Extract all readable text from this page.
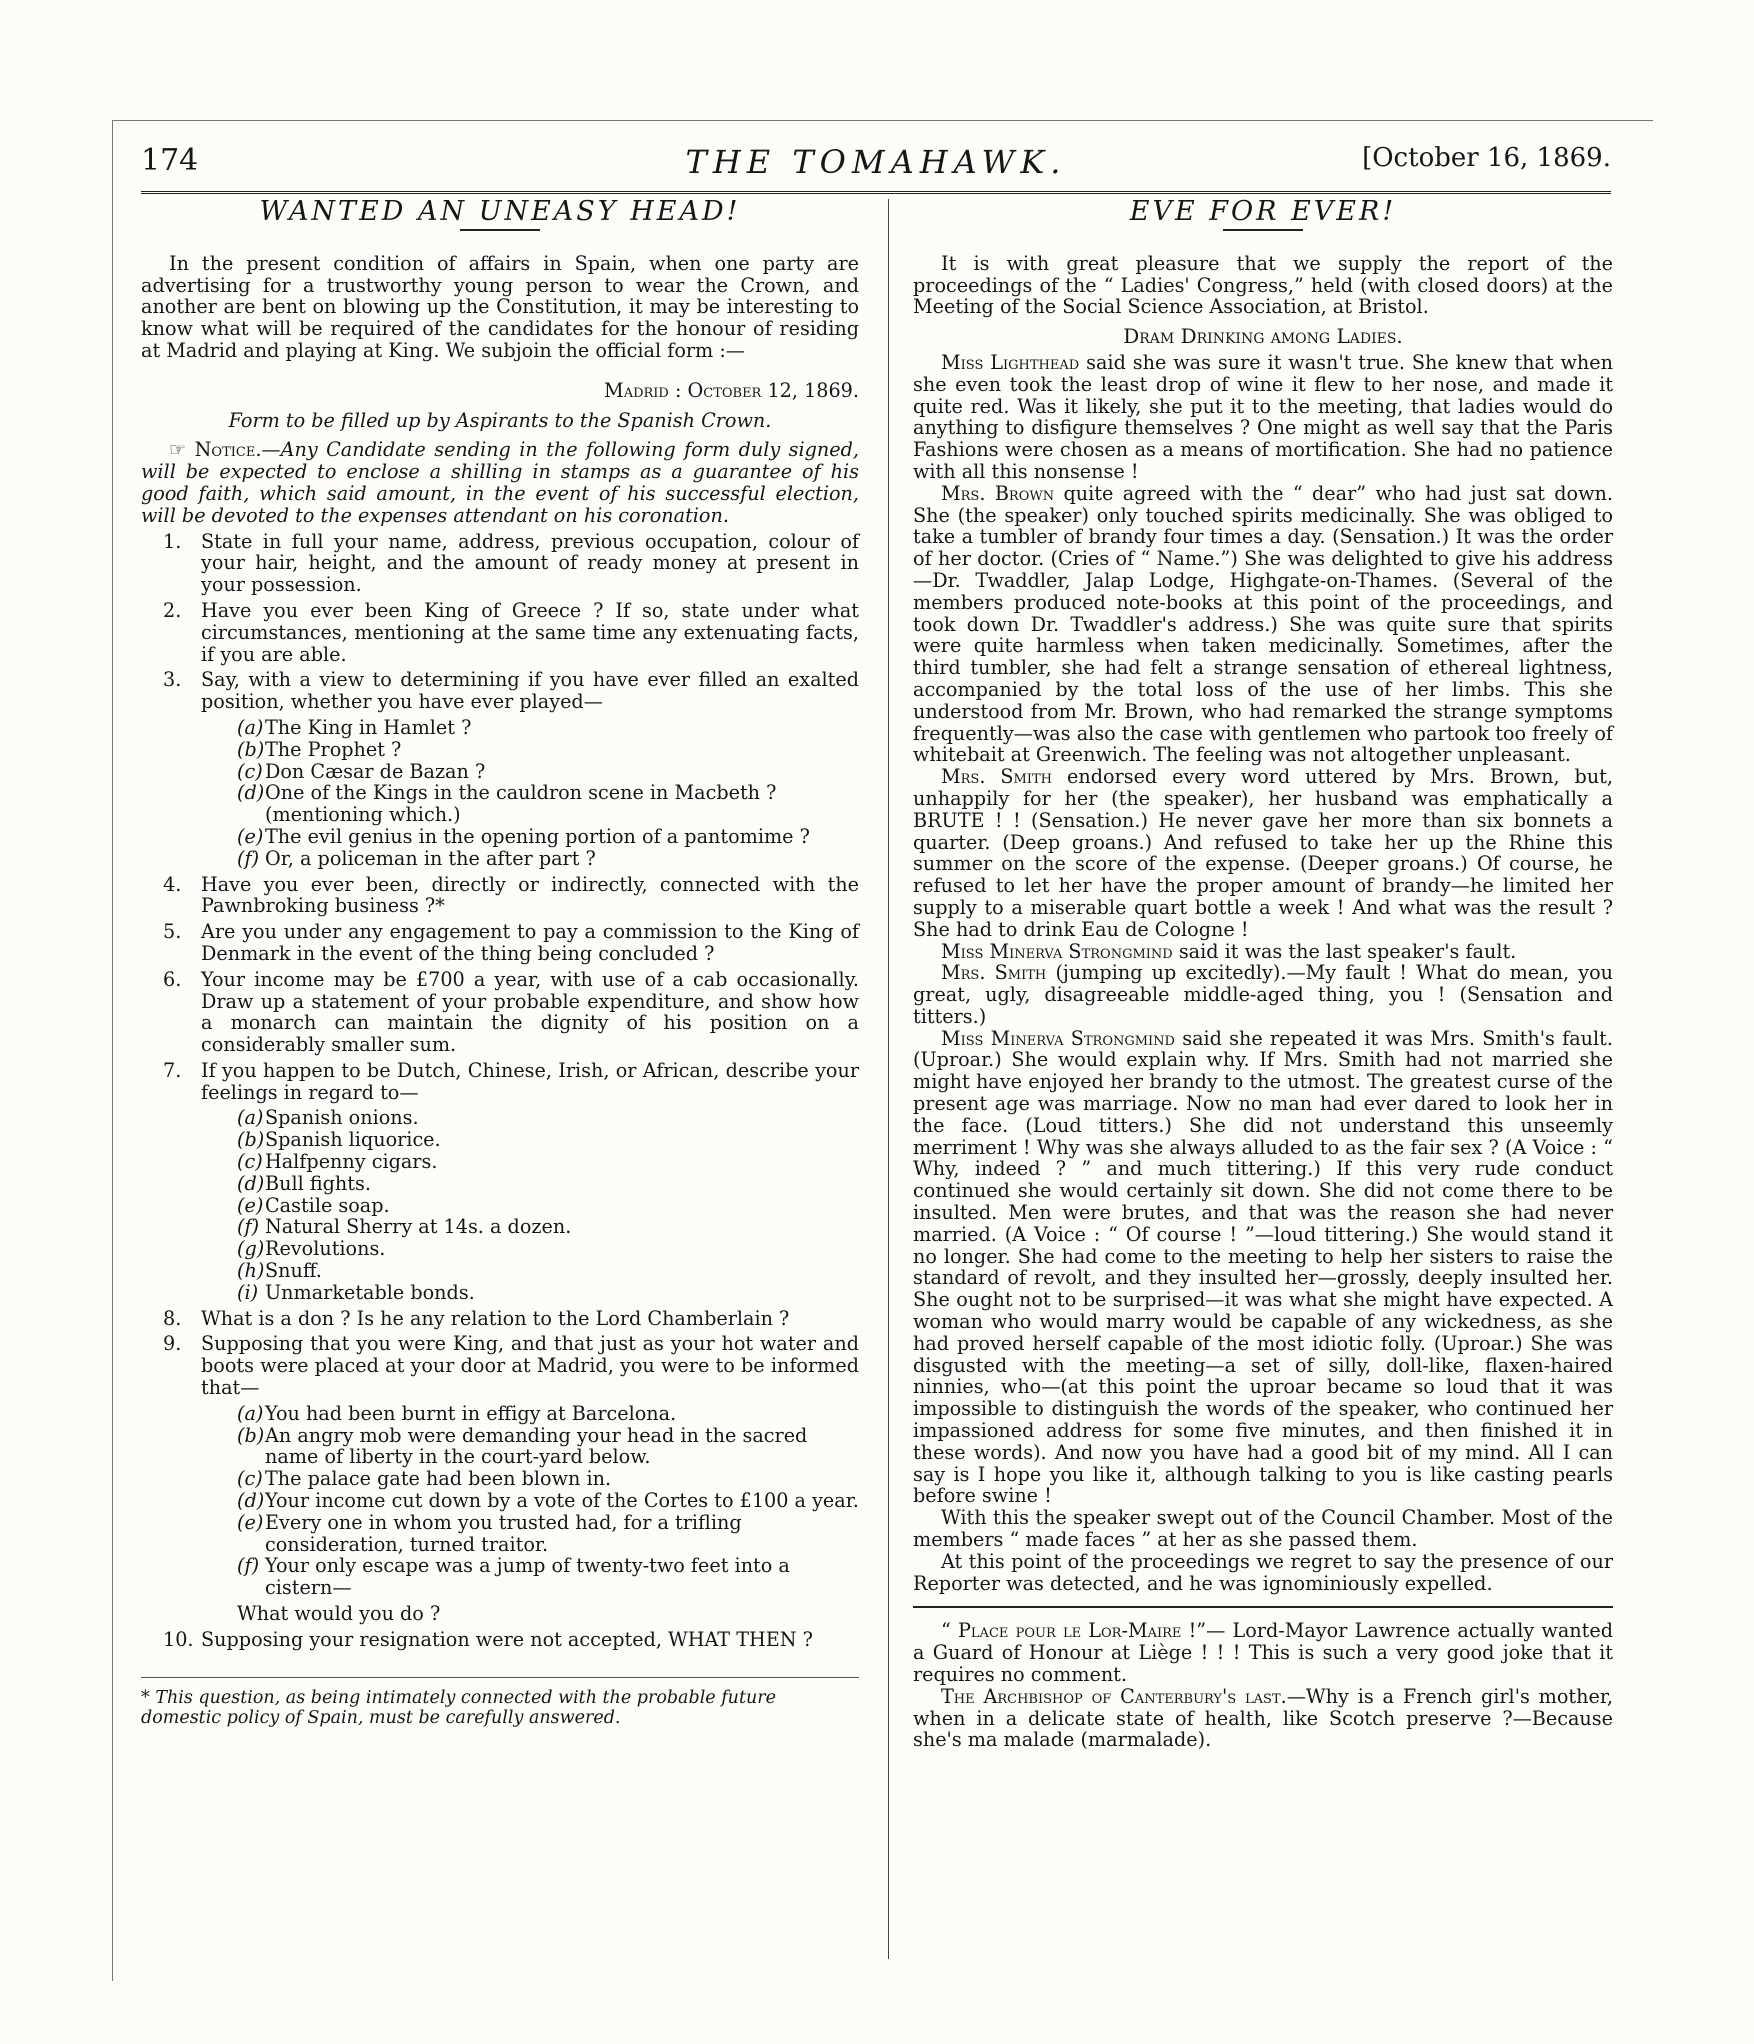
174	THE TOMAHAWK.	[October 16, 1869.
WANTED AN UNEASY HEAD!

In the present condition of affairs in Spain, when one party are advertising for a trustworthy young person to wear the Crown, and another are bent on blowing up the Constitution, it may be interesting to know what will be required of the candidates for the honour of residing at Madrid and playing at King. We subjoin the official form :—

Madrid : October 12, 1869.

Form to be filled up by Aspirants to the Spanish Crown.

☞ Notice.—Any Candidate sending in the following form duly signed, will be expected to enclose a shilling in stamps as a guarantee of his good faith, which said amount, in the event of his successful election, will be devoted to the expenses attendant on his coronation.

1. State in full your name, address, previous occupation, colour of your hair, height, and the amount of ready money at present in your possession.
2. Have you ever been King of Greece ? If so, state under what circumstances, mentioning at the same time any extenuating facts, if you are able.
3. Say, with a view to determining if you have ever filled an exalted position, whether you have ever played—
(a) The King in Hamlet ?
(b) The Prophet ?
(c) Don Cæsar de Bazan ?
(d) One of the Kings in the cauldron scene in Macbeth ? (mentioning which.)
(e) The evil genius in the opening portion of a pantomime ?
(f) Or, a policeman in the after part ?
4. Have you ever been, directly or indirectly, connected with the Pawnbroking business ?*
5. Are you under any engagement to pay a commission to the King of Denmark in the event of the thing being concluded ?
6. Your income may be £700 a year, with use of a cab occasionally. Draw up a statement of your probable expenditure, and show how a monarch can maintain the dignity of his position on a considerably smaller sum.
7. If you happen to be Dutch, Chinese, Irish, or African, describe your feelings in regard to—
(a) Spanish onions.
(b) Spanish liquorice.
(c) Halfpenny cigars.
(d) Bull fights.
(e) Castile soap.
(f) Natural Sherry at 14s. a dozen.
(g) Revolutions.
(h) Snuff.
(i) Unmarketable bonds.
8. What is a don ? Is he any relation to the Lord Chamberlain ?
9. Supposing that you were King, and that just as your hot water and boots were placed at your door at Madrid, you were to be informed that—
(a) You had been burnt in effigy at Barcelona.
(b) An angry mob were demanding your head in the sacred name of liberty in the court-yard below.
(c) The palace gate had been blown in.
(d) Your income cut down by a vote of the Cortes to £100 a year.
(e) Every one in whom you trusted had, for a trifling consideration, turned traitor.
(f) Your only escape was a jump of twenty-two feet into a cistern—
What would you do ?
10. Supposing your resignation were not accepted, WHAT THEN ?
* This question, as being intimately connected with the probable future domestic policy of Spain, must be carefully answered.
EVE FOR EVER!

It is with great pleasure that we supply the report of the proceedings of the “ Ladies' Congress,” held (with closed doors) at the Meeting of the Social Science Association, at Bristol.

Dram Drinking among Ladies.

Miss Lighthead said she was sure it wasn't true. She knew that when she even took the least drop of wine it flew to her nose, and made it quite red. Was it likely, she put it to the meeting, that ladies would do anything to disfigure themselves ? One might as well say that the Paris Fashions were chosen as a means of mortification. She had no patience with all this nonsense !

Mrs. Brown quite agreed with the “ dear” who had just sat down. She (the speaker) only touched spirits medicinally. She was obliged to take a tumbler of brandy four times a day. (Sensation.) It was the order of her doctor. (Cries of “ Name.”) She was delighted to give his address—Dr. Twaddler, Jalap Lodge, Highgate-on-Thames. (Several of the members produced note-books at this point of the proceedings, and took down Dr. Twaddler's address.) She was quite sure that spirits were quite harmless when taken medicinally. Sometimes, after the third tumbler, she had felt a strange sensation of ethereal lightness, accompanied by the total loss of the use of her limbs. This she understood from Mr. Brown, who had remarked the strange symptoms frequently—was also the case with gentlemen who partook too freely of whitebait at Greenwich. The feeling was not altogether unpleasant.

Mrs. Smith endorsed every word uttered by Mrs. Brown, but, unhappily for her (the speaker), her husband was emphatically a BRUTE ! ! (Sensation.) He never gave her more than six bonnets a quarter. (Deep groans.) And refused to take her up the Rhine this summer on the score of the expense. (Deeper groans.) Of course, he refused to let her have the proper amount of brandy—he limited her supply to a miserable quart bottle a week ! And what was the result ? She had to drink Eau de Cologne !

Miss Minerva Strongmind said it was the last speaker's fault.

Mrs. Smith (jumping up excitedly).—My fault ! What do mean, you great, ugly, disagreeable middle-aged thing, you ! (Sensation and titters.)

Miss Minerva Strongmind said she repeated it was Mrs. Smith's fault. (Uproar.) She would explain why. If Mrs. Smith had not married she might have enjoyed her brandy to the utmost. The greatest curse of the present age was marriage. Now no man had ever dared to look her in the face. (Loud titters.) She did not understand this unseemly merriment ! Why was she always alluded to as the fair sex ? (A Voice : “ Why, indeed ? ” and much tittering.) If this very rude conduct continued she would certainly sit down. She did not come there to be insulted. Men were brutes, and that was the reason she had never married. (A Voice : “ Of course ! ”—loud tittering.) She would stand it no longer. She had come to the meeting to help her sisters to raise the standard of revolt, and they insulted her—grossly, deeply insulted her. She ought not to be surprised—it was what she might have expected. A woman who would marry would be capable of any wickedness, as she had proved herself capable of the most idiotic folly. (Uproar.) She was disgusted with the meeting—a set of silly, doll-like, flaxen-haired ninnies, who—(at this point the uproar became so loud that it was impossible to distinguish the words of the speaker, who continued her impassioned address for some five minutes, and then finished it in these words). And now you have had a good bit of my mind. All I can say is I hope you like it, although talking to you is like casting pearls before swine !

With this the speaker swept out of the Council Chamber. Most of the members “ made faces ” at her as she passed them.

At this point of the proceedings we regret to say the presence of our Reporter was detected, and he was ignominiously expelled.

“ Place pour le Lor-Maire !”— Lord-Mayor Lawrence actually wanted a Guard of Honour at Liège ! ! ! This is such a very good joke that it requires no comment.

The Archbishop of Canterbury's last.—Why is a French girl's mother, when in a delicate state of health, like Scotch preserve ?—Because she's ma malade (marmalade).
